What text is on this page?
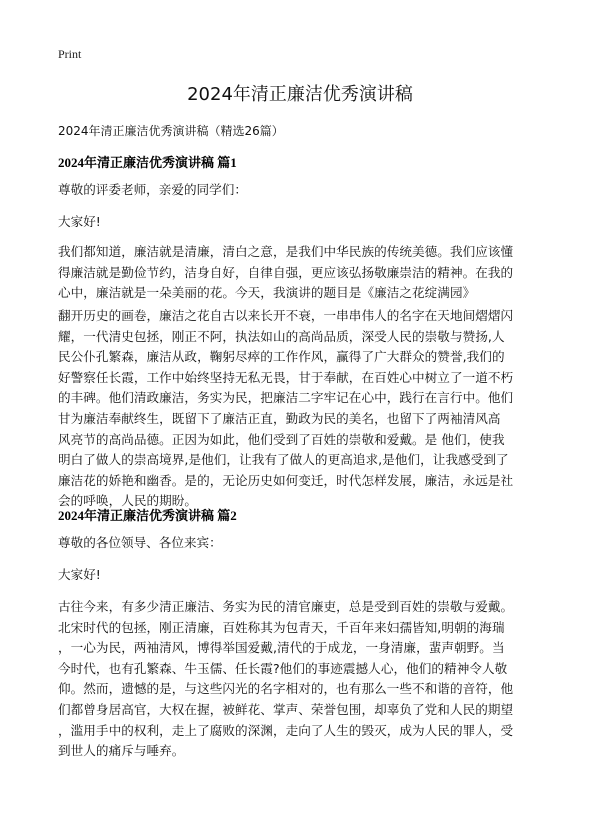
Print
2024年清正廉洁优秀演讲稿
2024年清正廉洁优秀演讲稿（精选26篇）
2024年清正廉洁优秀演讲稿 篇1
尊敬的评委老师，亲爱的同学们：
大家好!

我们都知道，廉洁就是清廉，清白之意，是我们中华民族的传统美德。我们应该懂

得廉洁就是勤俭节约，洁身自好，自律自强，更应该弘扬敬廉崇洁的精神。在我的

心中，廉洁就是一朵美丽的花。今天，我演讲的题目是《廉洁之花绽满园》

翻开历史的画卷，廉洁之花自古以来长开不衰，一串串伟人的名字在天地间熠熠闪

耀，一代清史包拯，刚正不阿，执法如山的高尚品质，深受人民的崇敬与赞扬,人

民公仆孔繁森，廉洁从政，鞠躬尽瘁的工作作风，赢得了广大群众的赞誉,我们的

好警察任长霞，工作中始终坚持无私无畏，甘于奉献，在百姓心中树立了一道不朽

的丰碑。他们清政廉洁，务实为民，把廉洁二字牢记在心中，践行在言行中。他们

甘为廉洁奉献终生，既留下了廉洁正直，勤政为民的美名，也留下了两袖清风高

风亮节的高尚品德。正因为如此，他们受到了百姓的崇敬和爱戴。是 他们，使我

明白了做人的崇高境界,是他们，让我有了做人的更高追求,是他们，让我感受到了

廉洁花的娇艳和幽香。是的，无论历史如何变迁，时代怎样发展，廉洁，永远是社

会的呼唤，人民的期盼。

2024年清正廉洁优秀演讲稿 篇2
尊敬的各位领导、各位来宾：
大家好!

古往今来，有多少清正廉洁、务实为民的清官廉吏，总是受到百姓的崇敬与爱戴。

北宋时代的包拯，刚正清廉，百姓称其为包青天，千百年来妇孺皆知,明朝的海瑞

，一心为民，两袖清风，博得举国爱戴,清代的于成龙，一身清廉，蜚声朝野。当

今时代，也有孔繁森、牛玉儒、任长霞?他们的事迹震撼人心，他们的精神令人敬

仰。然而，遗憾的是，与这些闪光的名字相对的，也有那么一些不和谐的音符，他

们都曾身居高官，大权在握，被鲜花、掌声、荣誉包围，却辜负了党和人民的期望

，滥用手中的权利，走上了腐败的深渊，走向了人生的毁灭，成为人民的罪人，受

到世人的痛斥与唾弃。
